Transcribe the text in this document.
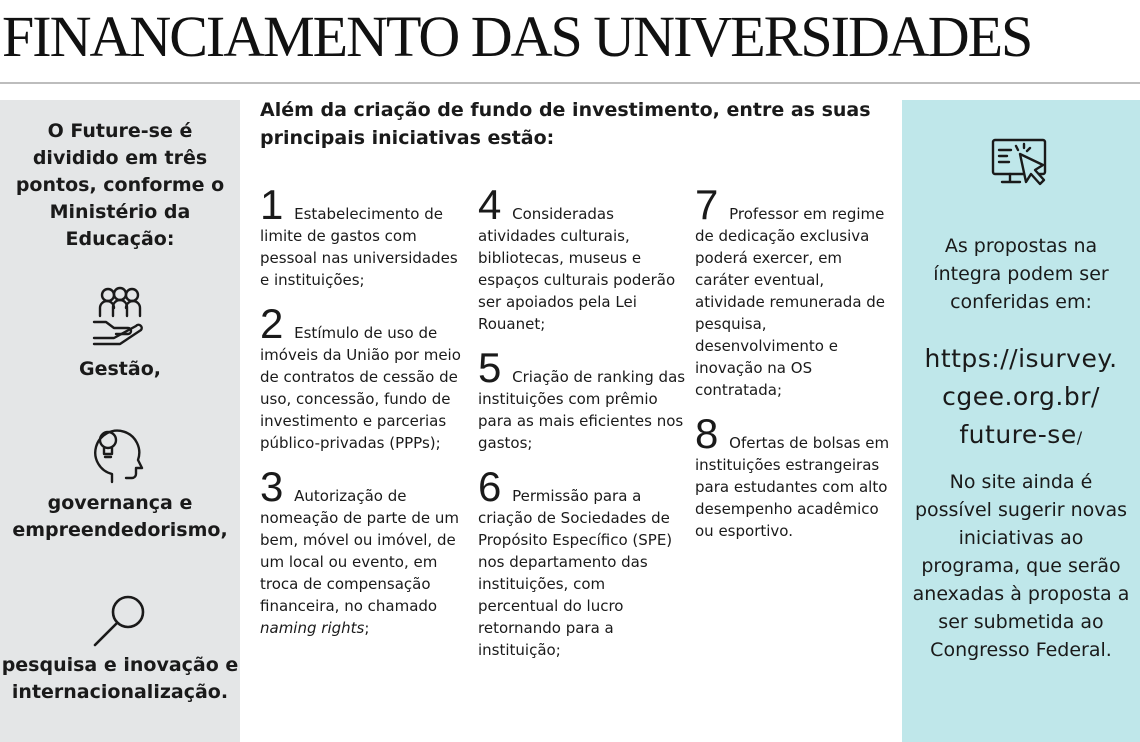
FINANCIAMENTO DAS UNIVERSIDADES
O Future-se é dividido em três pontos, conforme o Ministério da Educação:
Gestão,
governança e empreendedorismo,
pesquisa e inovação e internacionalização.
Além da criação de fundo de investimento, entre as suas principais iniciativas estão:
1 Estabelecimento de limite de gastos com pessoal nas universidades e instituições;
2 Estímulo de uso de imóveis da União por meio de contratos de cessão de uso, concessão, fundo de investimento e parcerias público-privadas (PPPs);
3 Autorização de nomeação de parte de um bem, móvel ou imóvel, de um local ou evento, em troca de compensação financeira, no chamado naming rights;
4 Consideradas atividades culturais, bibliotecas, museus e espaços culturais poderão ser apoiados pela Lei Rouanet;
5 Criação de ranking das instituições com prêmio para as mais eficientes nos gastos;
6 Permissão para a criação de Sociedades de Propósito Específico (SPE) nos departamento das instituições, com percentual do lucro retornando para a instituição;
7 Professor em regime de dedicação exclusiva poderá exercer, em caráter eventual, atividade remunerada de pesquisa, desenvolvimento e inovação na OS contratada;
8 Ofertas de bolsas em instituições estrangeiras para estudantes com alto desempenho acadêmico ou esportivo.
As propostas na íntegra podem ser conferidas em:
https://isurvey.
cgee.org.br/
future-se/
No site ainda é possível sugerir novas iniciativas ao programa, que serão anexadas à proposta a ser submetida ao Congresso Federal.
